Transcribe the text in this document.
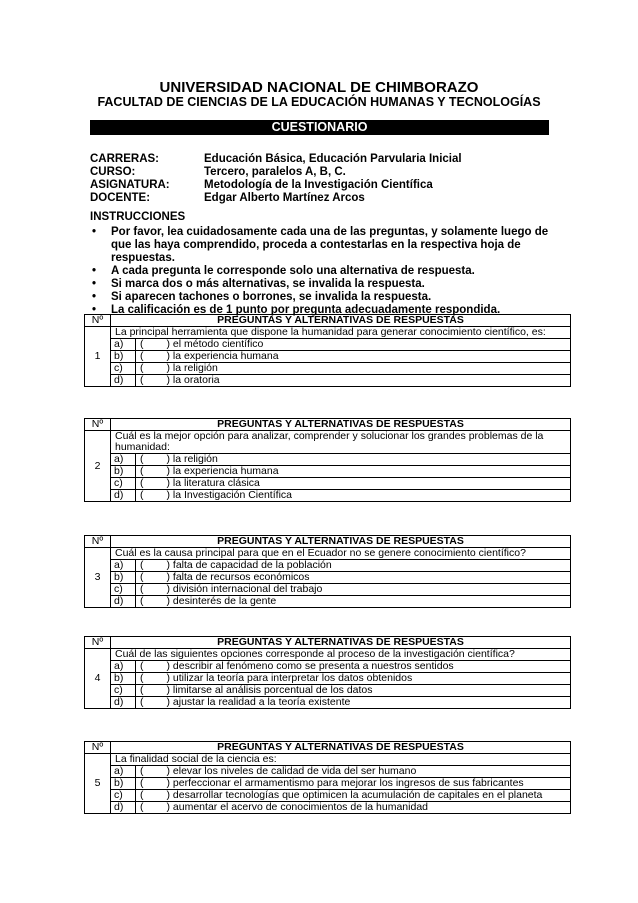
UNIVERSIDAD NACIONAL DE CHIMBORAZO
FACULTAD DE CIENCIAS DE LA EDUCACIÓN HUMANAS Y TECNOLOGÍAS
CUESTIONARIO
CARRERAS:	Educación Básica, Educación Parvularia Inicial
CURSO:	Tercero, paralelos A, B, C.
ASIGNATURA:	Metodología de la Investigación Científica
DOCENTE:	Edgar Alberto Martínez Arcos
INSTRUCCIONES
• Por favor, lea cuidadosamente cada una de las preguntas, y solamente luego de que las haya comprendido, proceda a contestarlas en la respectiva hoja de respuestas.
• A cada pregunta le corresponde solo una alternativa de respuesta.
• Si marca dos o más alternativas, se invalida la respuesta.
• Si aparecen tachones o borrones, se invalida la respuesta.
• La calificación es de 1 punto por pregunta adecuadamente respondida.
Nº	PREGUNTAS Y ALTERNATIVAS DE RESPUESTAS		
1	La principal herramienta que dispone la humanidad para generar conocimiento científico, es:		
	a)	(	) el método científico
	b)	(	) la experiencia humana
	c)	(	) la religión
	d)	(	) la oratoria
Nº	PREGUNTAS Y ALTERNATIVAS DE RESPUESTAS		
2	Cuál es la mejor opción para analizar, comprender y solucionar los grandes problemas de la humanidad:		
	a)	(	) la religión
	b)	(	) la experiencia humana
	c)	(	) la literatura clásica
	d)	(	) la Investigación Científica
Nº	PREGUNTAS Y ALTERNATIVAS DE RESPUESTAS		
3	Cuál es la causa principal para que en el Ecuador no se genere conocimiento científico?		
	a)	(	) falta de capacidad de la población
	b)	(	) falta de recursos económicos
	c)	(	) división internacional del trabajo
	d)	(	) desinterés de la gente
Nº	PREGUNTAS Y ALTERNATIVAS DE RESPUESTAS		
4	Cuál de las siguientes opciones corresponde al proceso de la investigación científica?		
	a)	(	) describir al fenómeno como se presenta a nuestros sentidos
	b)	(	) utilizar la teoría para interpretar los datos obtenidos
	c)	(	) limitarse al análisis porcentual de los datos
	d)	(	) ajustar la realidad a la teoría existente
Nº	PREGUNTAS Y ALTERNATIVAS DE RESPUESTAS		
5	La finalidad social de la ciencia es:		
	a)	(	) elevar los niveles de calidad de vida del ser humano
	b)	(	) perfeccionar el armamentismo para mejorar los ingresos de sus fabricantes
	c)	(	) desarrollar tecnologías que optimicen la acumulación de capitales en el planeta
	d)	(	) aumentar el acervo de conocimientos de la humanidad
